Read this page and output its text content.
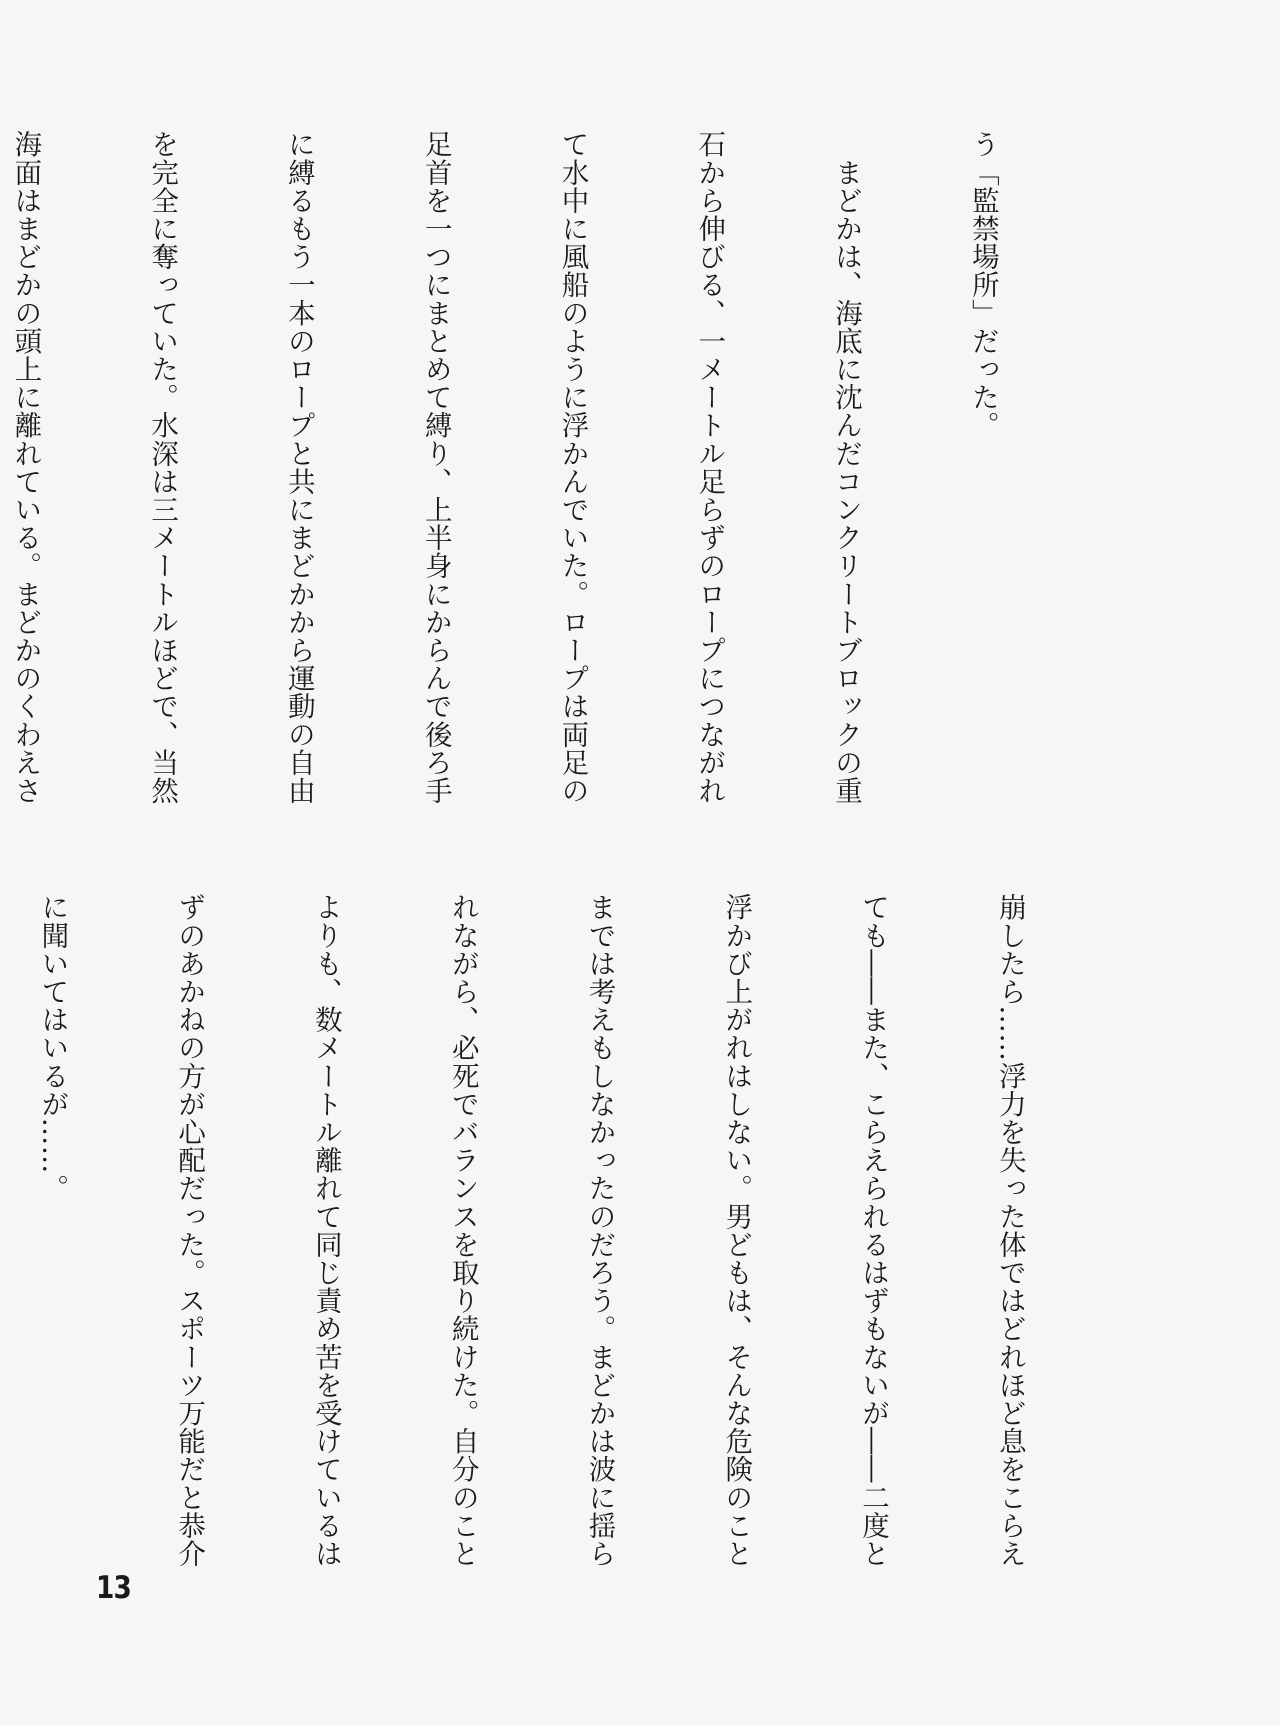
う「監禁場所」だった。

　まどかは、海底に沈んだコンクリートブロックの重

石から伸びる、一メートル足らずのロープにつながれ

て水中に風船のように浮かんでいた。ロープは両足の

足首を一つにまとめて縛り、上半身にからんで後ろ手

に縛るもう一本のロープと共にまどかから運動の自由

を完全に奪っていた。水深は三メートルほどで、当然

海面はまどかの頭上に離れている。まどかのくわえさ

崩したら……浮力を失った体ではどれほど息をこらえ

ても――また、こらえられるはずもないが――二度と

浮かび上がれはしない。男どもは、そんな危険のこと

までは考えもしなかったのだろう。まどかは波に揺ら

れながら、必死でバランスを取り続けた。自分のこと

よりも、数メートル離れて同じ責め苦を受けているは

ずのあかねの方が心配だった。スポーツ万能だと恭介

に聞いてはいるが……。

13
